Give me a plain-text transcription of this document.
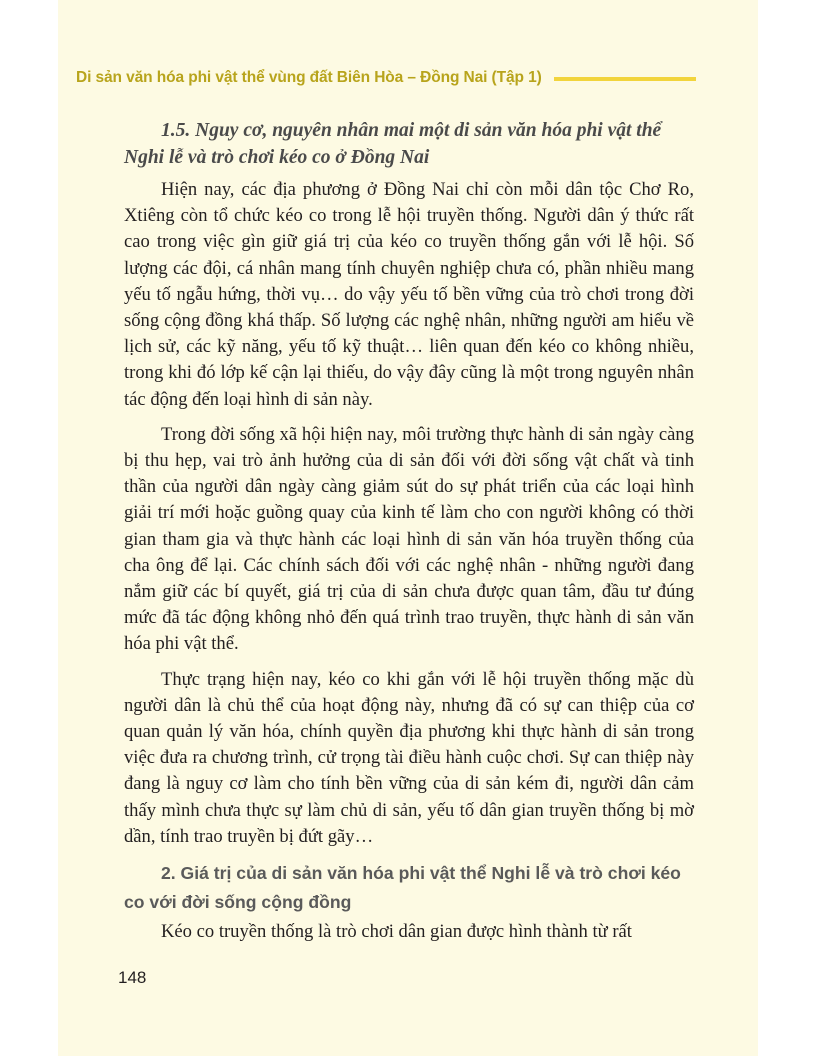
Di sản văn hóa phi vật thể vùng đất Biên Hòa – Đồng Nai (Tập 1)
1.5. Nguy cơ, nguyên nhân mai một di sản văn hóa phi vật thể Nghi lễ và trò chơi kéo co ở Đồng Nai

Hiện nay, các địa phương ở Đồng Nai chỉ còn mỗi dân tộc Chơ Ro, Xtiêng còn tổ chức kéo co trong lễ hội truyền thống. Người dân ý thức rất cao trong việc gìn giữ giá trị của kéo co truyền thống gắn với lễ hội. Số lượng các đội, cá nhân mang tính chuyên nghiệp chưa có, phần nhiều mang yếu tố ngẫu hứng, thời vụ… do vậy yếu tố bền vững của trò chơi trong đời sống cộng đồng khá thấp. Số lượng các nghệ nhân, những người am hiểu về lịch sử, các kỹ năng, yếu tố kỹ thuật… liên quan đến kéo co không nhiều, trong khi đó lớp kế cận lại thiếu, do vậy đây cũng là một trong nguyên nhân tác động đến loại hình di sản này.

Trong đời sống xã hội hiện nay, môi trường thực hành di sản ngày càng bị thu hẹp, vai trò ảnh hưởng của di sản đối với đời sống vật chất và tinh thần của người dân ngày càng giảm sút do sự phát triển của các loại hình giải trí mới hoặc guồng quay của kinh tế làm cho con người không có thời gian tham gia và thực hành các loại hình di sản văn hóa truyền thống của cha ông để lại. Các chính sách đối với các nghệ nhân - những người đang nắm giữ các bí quyết, giá trị của di sản chưa được quan tâm, đầu tư đúng mức đã tác động không nhỏ đến quá trình trao truyền, thực hành di sản văn hóa phi vật thể.

Thực trạng hiện nay, kéo co khi gắn với lễ hội truyền thống mặc dù người dân là chủ thể của hoạt động này, nhưng đã có sự can thiệp của cơ quan quản lý văn hóa, chính quyền địa phương khi thực hành di sản trong việc đưa ra chương trình, cử trọng tài điều hành cuộc chơi. Sự can thiệp này đang là nguy cơ làm cho tính bền vững của di sản kém đi, người dân cảm thấy mình chưa thực sự làm chủ di sản, yếu tố dân gian truyền thống bị mờ dần, tính trao truyền bị đứt gãy…

2. Giá trị của di sản văn hóa phi vật thể Nghi lễ và trò chơi kéo co với đời sống cộng đồng

Kéo co truyền thống là trò chơi dân gian được hình thành từ rất

148
